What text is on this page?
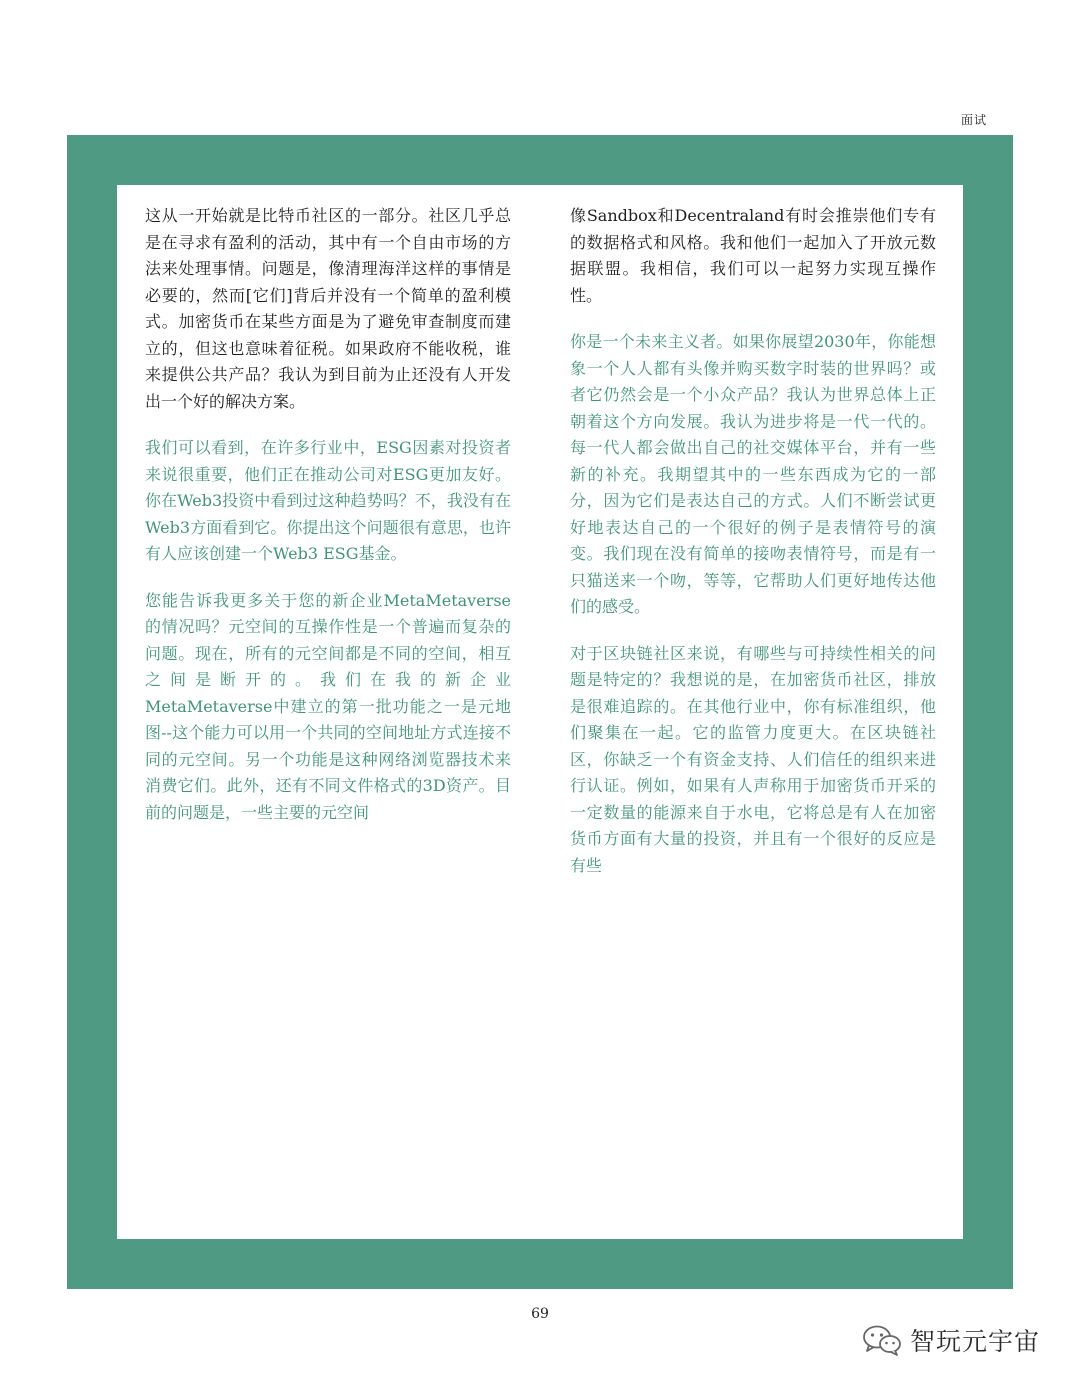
面试

这从一开始就是比特币社区的一部分。社区几乎总是在寻求有盈利的活动，其中有一个自由市场的方法来处理事情。问题是，像清理海洋这样的事情是必要的，然而[它们]背后并没有一个简单的盈利模式。加密货币在某些方面是为了避免审查制度而建立的，但这也意味着征税。如果政府不能收税，谁来提供公共产品？我认为到目前为止还没有人开发出一个好的解决方案。

我们可以看到，在许多行业中，ESG因素对投资者来说很重要，他们正在推动公司对ESG更加友好。你在Web3投资中看到过这种趋势吗？不，我没有在Web3方面看到它。你提出这个问题很有意思，也许有人应该创建一个Web3 ESG基金。

您能告诉我更多关于您的新企业MetaMetaverse的情况吗？元空间的互操作性是一个普遍而复杂的问题。现在，所有的元空间都是不同的空间，相互之间是断开的。我们在我的新企业MetaMetaverse中建立的第一批功能之一是元地图--这个能力可以用一个共同的空间地址方式连接不同的元空间。另一个功能是这种网络浏览器技术来消费它们。此外，还有不同文件格式的3D资产。目前的问题是，一些主要的元空间

像Sandbox和Decentraland有时会推崇他们专有的数据格式和风格。我和他们一起加入了开放元数据联盟。我相信，我们可以一起努力实现互操作性。

你是一个未来主义者。如果你展望2030年，你能想象一个人人都有头像并购买数字时装的世界吗？或者它仍然会是一个小众产品？我认为世界总体上正朝着这个方向发展。我认为进步将是一代一代的。每一代人都会做出自己的社交媒体平台，并有一些新的补充。我期望其中的一些东西成为它的一部分，因为它们是表达自己的方式。人们不断尝试更好地表达自己的一个很好的例子是表情符号的演变。我们现在没有简单的接吻表情符号，而是有一只猫送来一个吻，等等，它帮助人们更好地传达他们的感受。

对于区块链社区来说，有哪些与可持续性相关的问题是特定的？我想说的是，在加密货币社区，排放是很难追踪的。在其他行业中，你有标准组织，他们聚集在一起。它的监管力度更大。在区块链社区，你缺乏一个有资金支持、人们信任的组织来进行认证。例如，如果有人声称用于加密货币开采的一定数量的能源来自于水电，它将总是有人在加密货币方面有大量的投资，并且有一个很好的反应是有些

69
智玩元宇宙
